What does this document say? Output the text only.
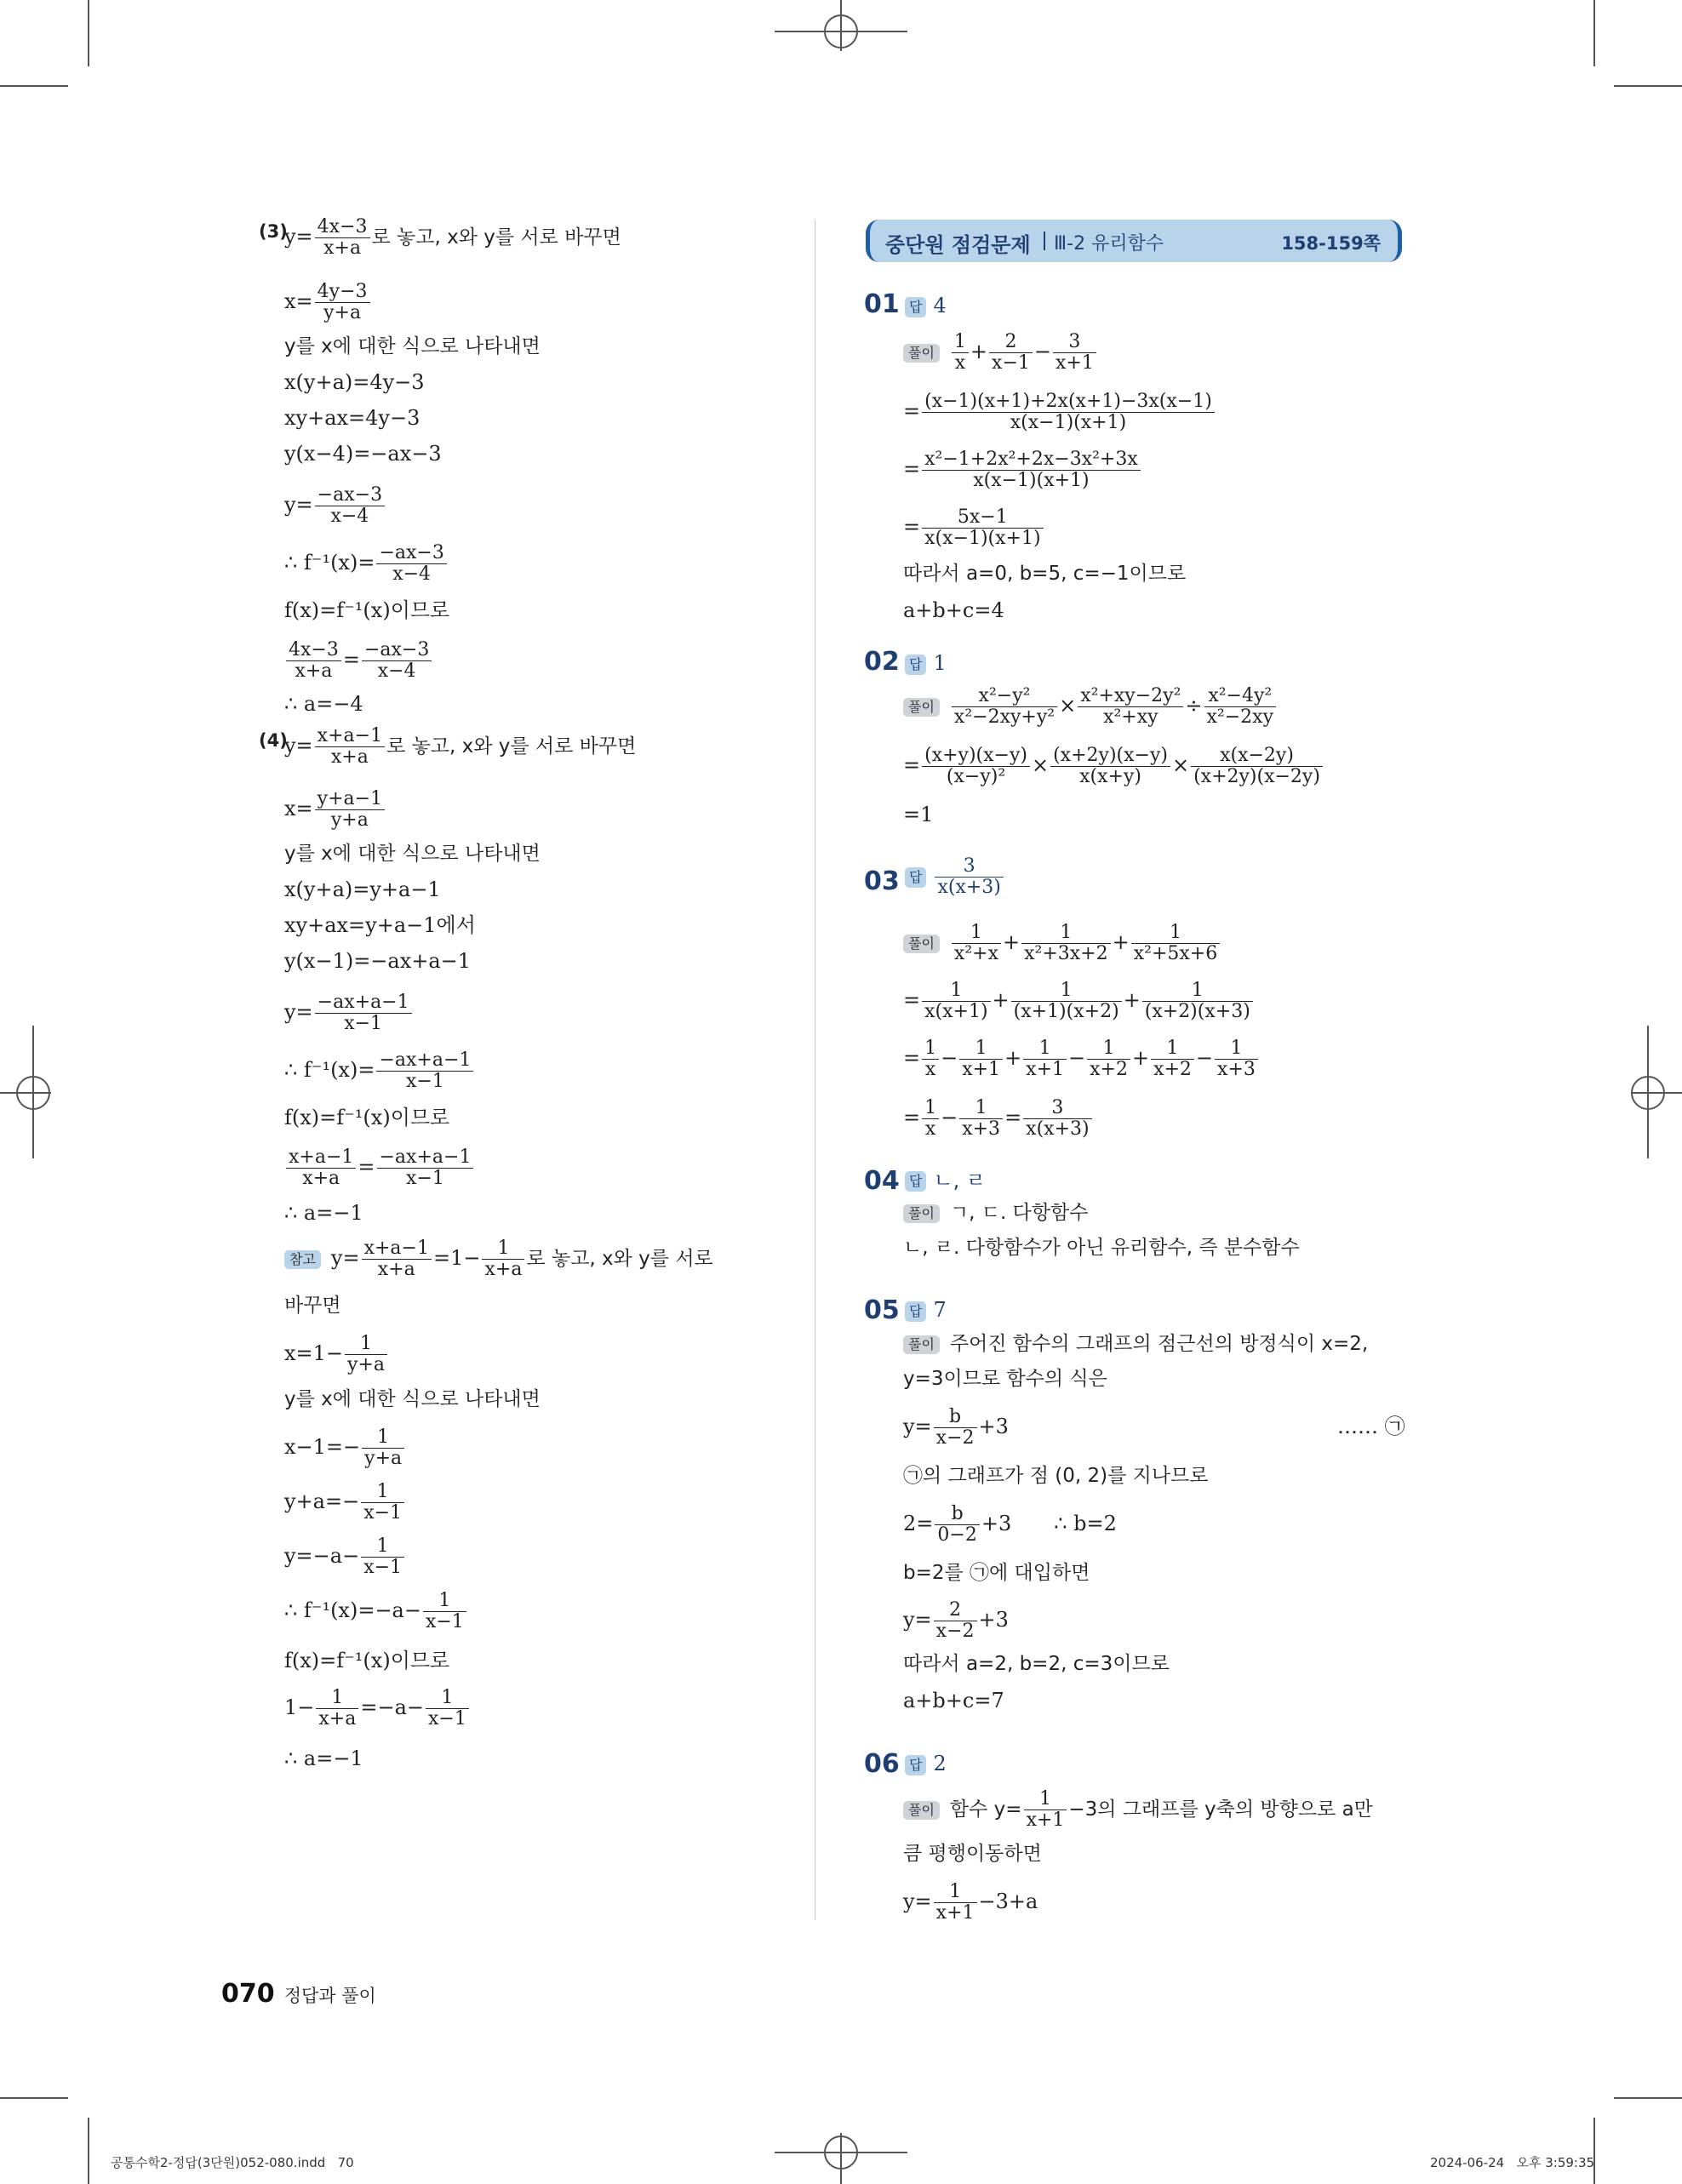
(3)
$y= \frac{4x-3}{x+a}$ 로 놓고, x와 y를 서로 바꾸면
$x= \frac{4y-3}{y+a}$
y를 x에 대한 식으로 나타내면
x(y+a)=4y−3
xy+ax=4y−3
y(x−4)=−ax−3
$y= \frac{-ax-3}{x-4}$
∴ $f^{-1}(x)= \frac{-ax-3}{x-4}$
f(x)=f⁻¹(x)이므로
$\frac{4x-3}{x+a} = \frac{-ax-3}{x-4}$
∴ a=−4
(4)
$y= \frac{x+a-1}{x+a}$ 로 놓고, x와 y를 서로 바꾸면
$x= \frac{y+a-1}{y+a}$
y를 x에 대한 식으로 나타내면
x(y+a)=y+a−1
xy+ax=y+a−1에서
y(x−1)=−ax+a−1
$y= \frac{-ax+a-1}{x-1}$
∴ $f^{-1}(x)= \frac{-ax+a-1}{x-1}$
f(x)=f⁻¹(x)이므로
$\frac{x+a-1}{x+a} = \frac{-ax+a-1}{x-1}$
∴ a=−1
참고 $y= \frac{x+a-1}{x+a} =1- \frac{1}{x+a}$ 로 놓고, x와 y를 서로
바꾸면
$x=1- \frac{1}{y+a}$
y를 x에 대한 식으로 나타내면
$x-1=- \frac{1}{y+a}$
$y+a=- \frac{1}{x-1}$
$y=-a- \frac{1}{x-1}$
∴ $f^{-1}(x)=-a- \frac{1}{x-1}$
f(x)=f⁻¹(x)이므로
$1- \frac{1}{x+a} =-a- \frac{1}{x-1}$
∴ a=−1
중단원 점검문제 Ⅲ-2 유리함수	158-159쪽
01 답 4
풀이 $\frac{1}{x} + \frac{2}{x-1} - \frac{3}{x+1}$
= $\frac{(x-1)(x+1)+2x(x+1)-3x(x-1)}{x(x-1)(x+1)}$
= $\frac{\text{x²−1+2x²+2x−3x²+3x}}{x(x-1)(x+1)}$
= $\frac{5x-1}{x(x-1)(x+1)}$
따라서 a=0, b=5, c=−1이므로
a+b+c=4
02 답 1
풀이 $\frac{\text{x²−y²}}{\text{x²−2xy+y²}} \times \frac{\text{x²+xy−2y²}}{\text{x²+xy}} \div \frac{\text{x²−4y²}}{\text{x²−2xy}}$
= $\frac{(x+y)(x-y)}{\text{(x−y)²}} \times \frac{(x+2y)(x-y)}{x(x+y)} \times \frac{x(x-2y)}{(x+2y)(x-2y)}$
=1
03 답 $\frac{3}{x(x+3)}$
풀이 $\frac{1}{\text{x²+x}} + \frac{1}{\text{x²+3x+2}} + \frac{1}{\text{x²+5x+6}}$
= $\frac{1}{x(x+1)} + \frac{1}{(x+1)(x+2)} + \frac{1}{(x+2)(x+3)}$
= $\frac{1}{x} - \frac{1}{x+1} + \frac{1}{x+1} - \frac{1}{x+2} + \frac{1}{x+2} - \frac{1}{x+3}$
= $\frac{1}{x} - \frac{1}{x+3} = \frac{3}{x(x+3)}$
04 답 ㄴ, ㄹ
풀이 ㄱ, ㄷ. 다항함수
ㄴ, ㄹ. 다항함수가 아닌 유리함수, 즉 분수함수
05 답 7
풀이 주어진 함수의 그래프의 점근선의 방정식이 x=2,
y=3이므로 함수의 식은
$y= \frac{b}{x-2} +3$	…… ㉠
㉠의 그래프가 점 (0, 2)를 지나므로
$2= \frac{b}{0-2} +3$ ∴ b=2
b=2를 ㉠에 대입하면
$y= \frac{2}{x-2} +3$
따라서 a=2, b=2, c=3이므로
a+b+c=7
06 답 2
풀이 함수 $y= \frac{1}{x+1} -3$의 그래프를 y축의 방향으로 a만
큼 평행이동하면
$y= \frac{1}{x+1} -3+a$
070 정답과 풀이
공통수학2-정답(3단원)052-080.indd   70	2024-06-24   오후 3:59:35
